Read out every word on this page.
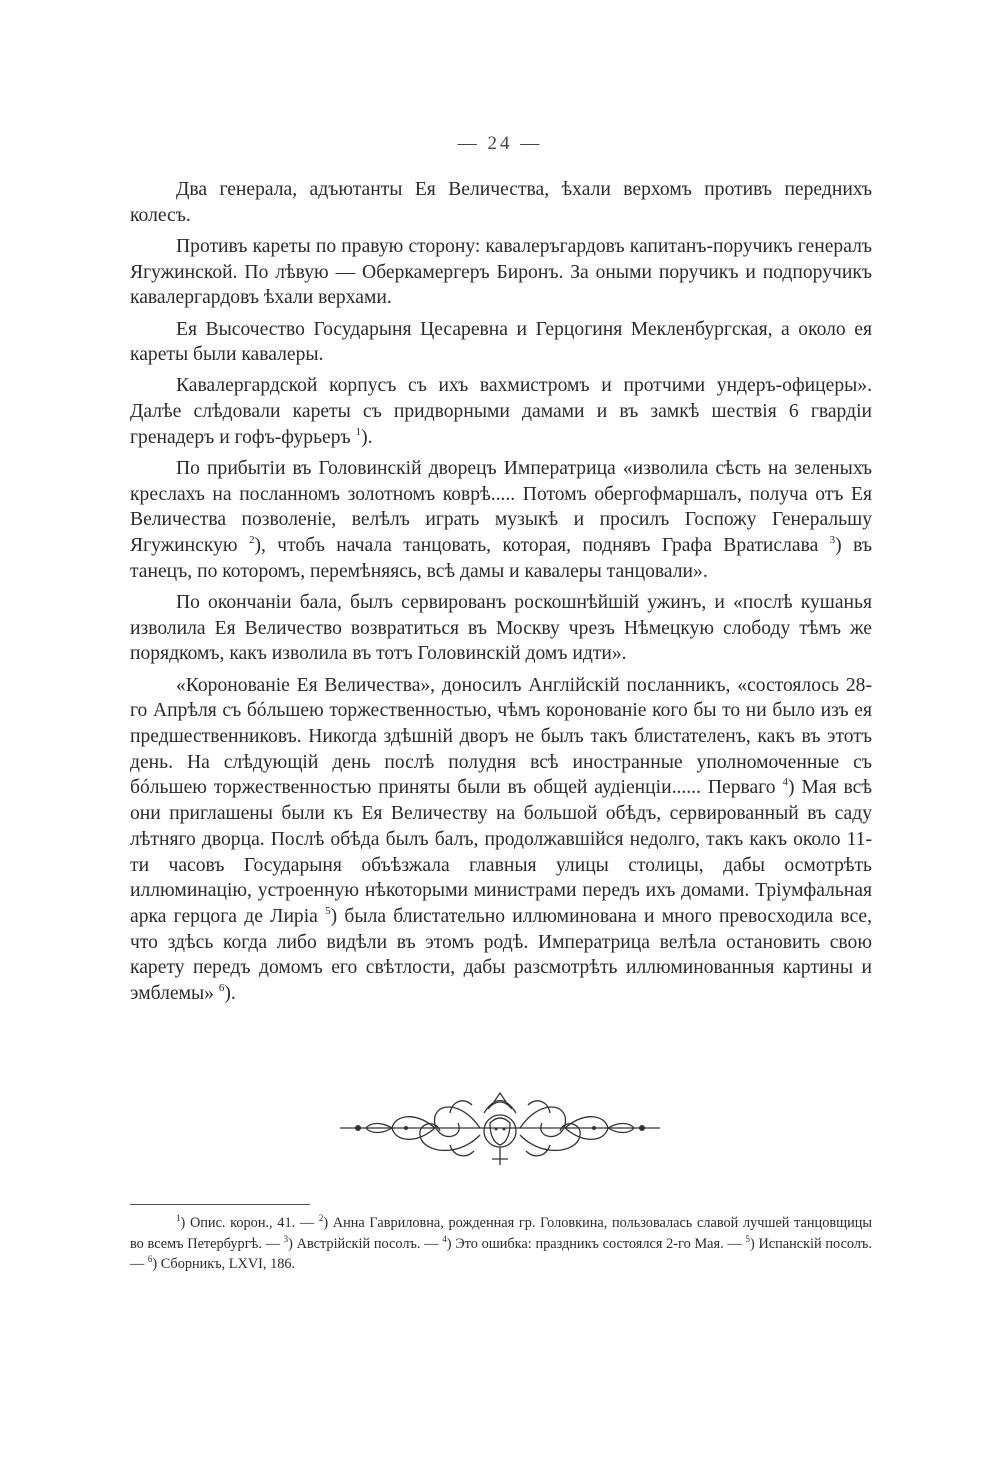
— 24 —

Два генерала, адъютанты Ея Величества, ѣхали верхомъ противъ переднихъ колесъ.

Противъ кареты по правую сторону: кавалеръгардовъ капитанъ-поручикъ генералъ Ягужинской. По лѣвую — Оберкамергеръ Биронъ. За оными поручикъ и подпоручикъ кавалергардовъ ѣхали верхами.

Ея Высочество Государыня Цесаревна и Герцогиня Мекленбургская, а около ея кареты были кавалеры.

Кавалергардской корпусъ съ ихъ вахмистромъ и протчими ундеръ-офицеры». Далѣе слѣдовали кареты съ придворными дамами и въ замкѣ шествія 6 гвардіи гренадеръ и гофъ-фурьеръ $^1$).

По прибытіи въ Головинскій дворецъ Императрица «изволила сѣсть на зеленыхъ креслахъ на посланномъ золотномъ коврѣ..... Потомъ обергофмаршалъ, получа отъ Ея Величества позволеніе, велѣлъ играть музыкѣ и просилъ Госпожу Генеральшу Ягужинскую $^2$), чтобъ начала танцовать, которая, поднявъ Графа Вратислава $^3$) въ танецъ, по которомъ, перемѣняясь, всѣ дамы и кавалеры танцовали».

По окончаніи бала, былъ сервированъ роскошнѣйшій ужинъ, и «послѣ кушанья изволила Ея Величество возвратиться въ Москву чрезъ Нѣмецкую слободу тѣмъ же порядкомъ, какъ изволила въ тотъ Головинскій домъ идти».

«Коронованіе Ея Величества», доносилъ Англійскій посланникъ, «состоялось 28-го Апрѣля съ бóльшею торжественностью, чѣмъ коронованіе кого бы то ни было изъ ея предшественниковъ. Никогда здѣшній дворъ не былъ такъ блистателенъ, какъ въ этотъ день. На слѣдующій день послѣ полудня всѣ иностранные уполномоченные съ бóльшею торжественностью приняты были въ общей аудіенціи...... Перваго $^4$) Мая всѣ они приглашены были къ Ея Величеству на большой обѣдъ, сервированный въ саду лѣтняго дворца. Послѣ обѣда былъ балъ, продолжавшійся недолго, такъ какъ около 11-ти часовъ Государыня объѣзжала главныя улицы столицы, дабы осмотрѣть иллюминацію, устроенную нѣкоторыми министрами передъ ихъ домами. Тріумфальная арка герцога де Лиріа $^5$) была блистательно иллюминована и много превосходила все, что здѣсь когда либо видѣли въ этомъ родѣ. Императрица велѣла остановить свою карету передъ домомъ его свѣтлости, дабы разсмотрѣть иллюминованныя картины и эмблемы» $^6$).

$^1$) Опис. корон., 41. — $^2$) Анна Гавриловна, рожденная гр. Головкина, пользовалась славой лучшей танцовщицы во всемъ Петербургѣ. — $^3$) Австрійскій посолъ. — $^4$) Это ошибка: праздникъ состоялся 2-го Мая. — $^5$) Испанскій посолъ. — $^6$) Сборникъ, LXVI, 186.
